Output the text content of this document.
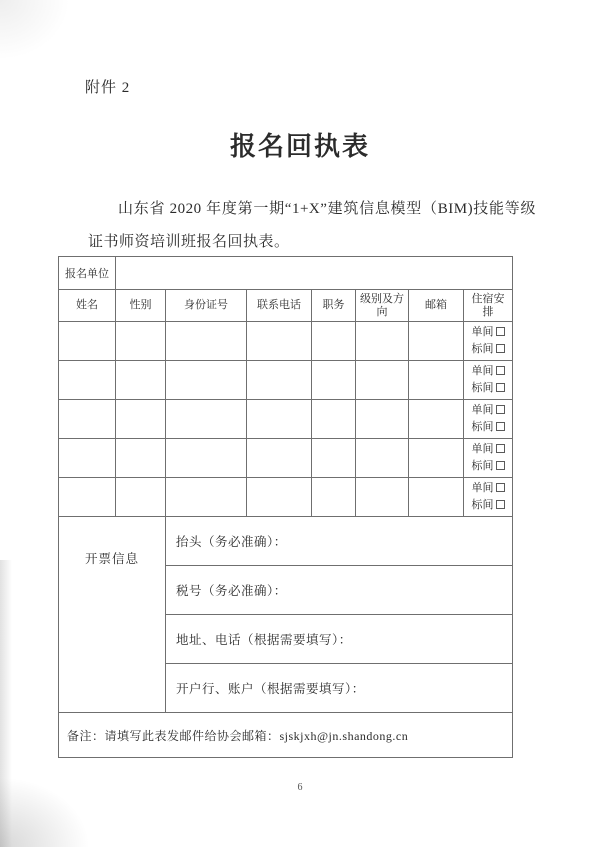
附件 2
报名回执表
山东省 2020 年度第一期“1+X”建筑信息模型（BIM)技能等级证书师资培训班报名回执表。
报名单位							
姓名	性别	身份证号	联系电话	职务	级别及方向	邮箱	住宿安排

							单间
标间

							单间
标间

							单间
标间

							单间
标间

							单间
标间

开票信息		抬头（务必准确）：					
		税号（务必准确）：					
		地址、电话（根据需要填写）：					
		开户行、账户（根据需要填写）：					
备注：请填写此表发邮件给协会邮箱：sjskjxh@jn.shandong.cn							
6
